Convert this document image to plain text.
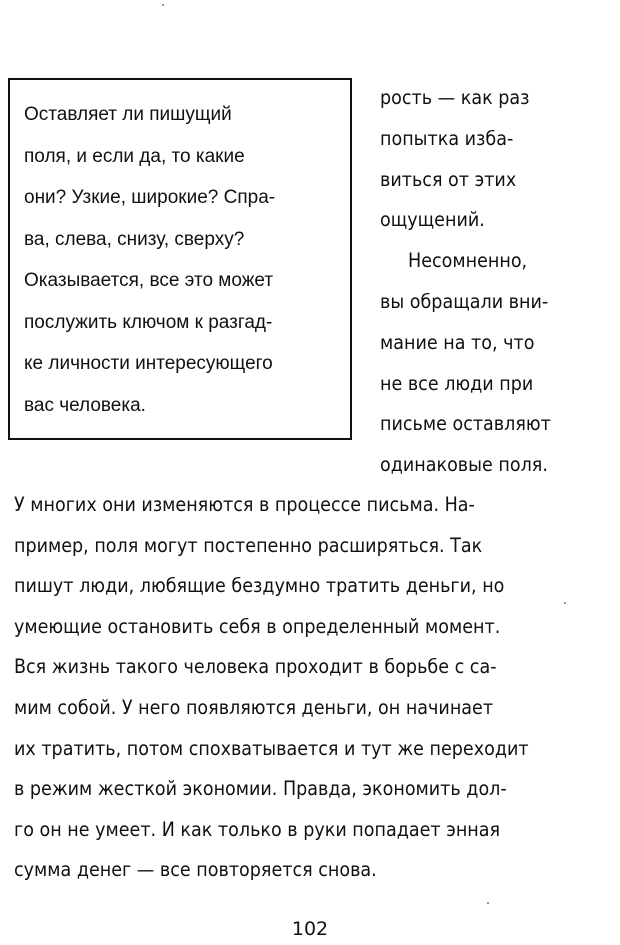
Оставляет ли пишущий
поля, и если да, то какие
они? Узкие, широкие? Спра-
ва, слева, снизу, сверху?
Оказывается, все это может
послужить ключом к разгад-
ке личности интересующего
вас человека.
рость — как раз
попытка изба-
виться от этих
ощущений.
Несомненно,
вы обращали вни-
мание на то, что
не все люди при
письме оставляют
одинаковые поля.
У многих они изменяются в процессе письма. На-
пример, поля могут постепенно расширяться. Так
пишут люди, любящие бездумно тратить деньги, но
умеющие остановить себя в определенный момент.
Вся жизнь такого человека проходит в борьбе с са-
мим собой. У него появляются деньги, он начинает
их тратить, потом спохватывается и тут же переходит
в режим жесткой экономии. Правда, экономить дол-
го он не умеет. И как только в руки попадает энная
сумма денег — все повторяется снова.
102
